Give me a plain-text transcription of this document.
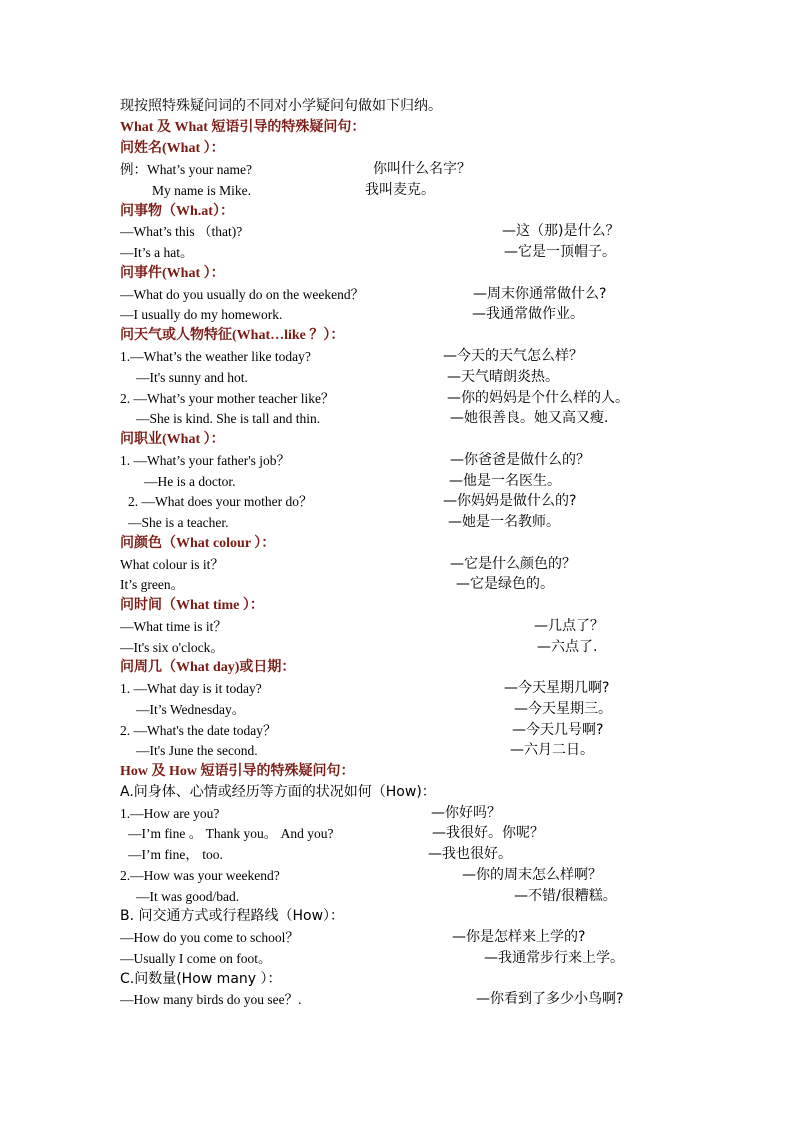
现按照特殊疑问词的不同对小学疑问句做如下归纳。
What 及 What 短语引导的特殊疑问句：
问姓名(What ）：
例：What’s your name?	你叫什么名字？
My name is Mike.	我叫麦克。
问事物（Wh.at）：
—What’s this （that)?	—这（那)是什么？
—It’s a hat。	—它是一顶帽子。
问事件(What ）：
—What do you usually do on the weekend？	—周末你通常做什么?
—I usually do my homework.	—我通常做作业。
问天气或人物特征(What…like ？）：
1.—What’s the weather like today?	—今天的天气怎么样？
—It's sunny and hot.	—天气晴朗炎热。
2. —What’s your mother teacher like？	—你的妈妈是个什么样的人。
—She is kind. She is tall and thin.	—她很善良。她又高又瘦.
问职业(What ）：
1. —What’s your father's job？	—你爸爸是做什么的？
—He is a doctor.	—他是一名医生。
2. —What does your mother do？	—你妈妈是做什么的?
—She is a teacher.	—她是一名教师。
问颜色（What colour ）：
What colour is it？	—它是什么颜色的？
It’s green。	—它是绿色的。
问时间（What time ）：
—What time is it？	—几点了？
—It's six o'clock。	—六点了.
问周几（What day)或日期：
1. —What day is it today?	—今天星期几啊?
—It’s Wednesday。	—今天星期三。
2. —What's the date today？	—今天几号啊?
—It's June the second.	—六月二日。
How 及 How 短语引导的特殊疑问句：
A.问身体、心情或经历等方面的状况如何（How)：
1.—How are you?	—你好吗？
—I’m fine 。 Thank you。 And you?	—我很好。你呢？
—I’m fine， too.	—我也很好。
2.—How was your weekend?	—你的周末怎么样啊？
—It was good/bad.	—不错/很糟糕。
B. 问交通方式或行程路线（How）：
—How do you come to school？	—你是怎样来上学的?
—Usually I come on foot。	—我通常步行来上学。
C.问数量(How many ）：
—How many birds do you see？.	—你看到了多少小鸟啊?
